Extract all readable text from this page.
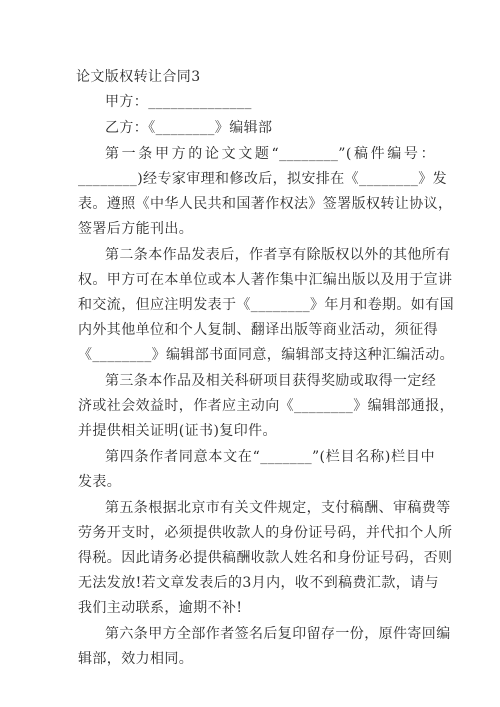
论文版权转让合同3
甲方：______________
乙方：《________》编辑部
第一条甲方的论文文题“________”(稿件编号：
________)经专家审理和修改后，拟安排在《________》发
表。遵照《中华人民共和国著作权法》签署版权转让协议，
签署后方能刊出。
第二条本作品发表后，作者享有除版权以外的其他所有
权。甲方可在本单位或本人著作集中汇编出版以及用于宣讲
和交流，但应注明发表于《________》年月和卷期。如有国
内外其他单位和个人复制、翻译出版等商业活动，须征得
《________》编辑部书面同意，编辑部支持这种汇编活动。
第三条本作品及相关科研项目获得奖励或取得一定经
济或社会效益时，作者应主动向《________》编辑部通报，
并提供相关证明(证书)复印件。
第四条作者同意本文在“_______”(栏目名称)栏目中
发表。
第五条根据北京市有关文件规定，支付稿酬、审稿费等
劳务开支时，必须提供收款人的身份证号码，并代扣个人所
得税。因此请务必提供稿酬收款人姓名和身份证号码，否则
无法发放!若文章发表后的3月内，收不到稿费汇款，请与
我们主动联系，逾期不补!
第六条甲方全部作者签名后复印留存一份，原件寄回编
辑部，效力相同。
